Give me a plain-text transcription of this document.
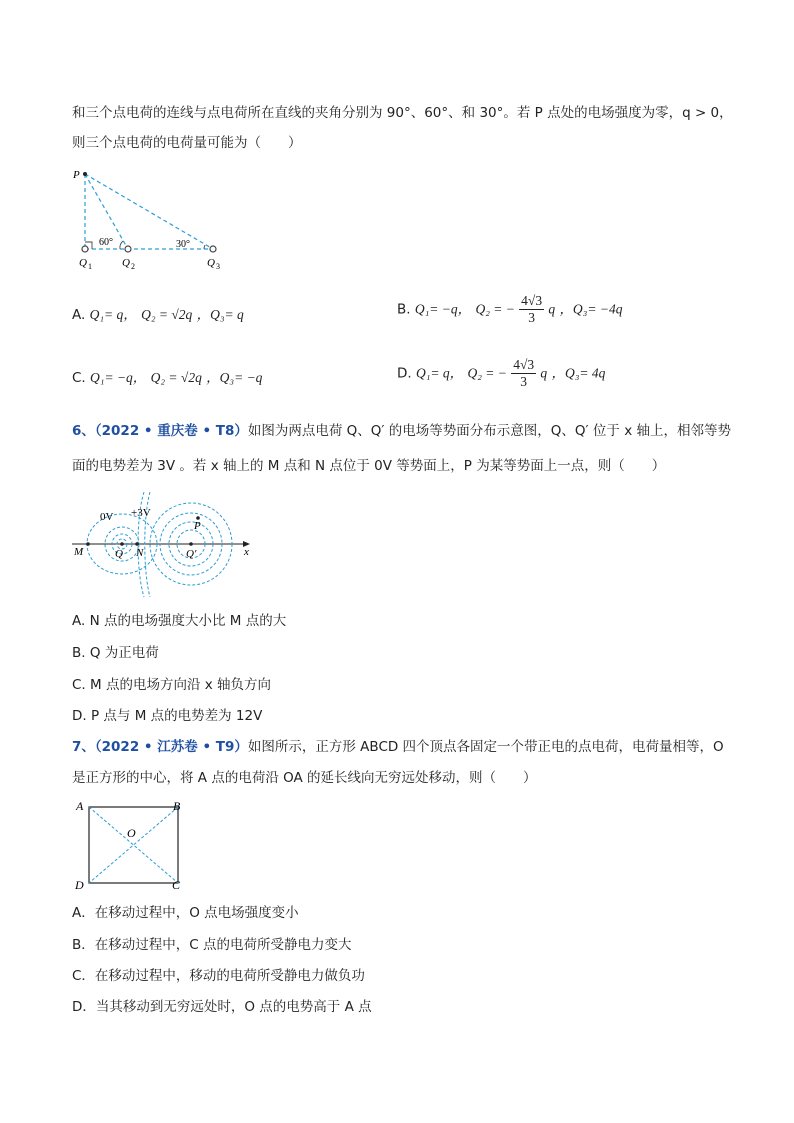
和三个点电荷的连线与点电荷所在直线的夹角分别为 90°、60°、和 30°。若 P 点处的电场强度为零，q > 0，
则三个点电荷的电荷量可能为（　　）
P
60°	30°
Q 1	Q 2	Q 3
A. Q₁= q， Q₂ = √2q ，Q₃= q	B. Q₁= −q， Q₂ = − $\frac{4√3}{3}$ q ，Q₃= −4q
C. Q₁= −q， Q₂ = √2q ，Q₃= −q	D. Q₁= q， Q₂ = − $\frac{4√3}{3}$ q ，Q₃= 4q
6、（2022 • 重庆卷 • T8）如图为两点电荷 Q、Q′ 的电场等势面分布示意图，Q、Q′ 位于 x 轴上，相邻等势
面的电势差为 3V 。若 x 轴上的 M 点和 N 点位于 0V 等势面上，P 为某等势面上一点，则（　　）
0V +3V
P
M	Q N	Q′	x
A. N 点的电场强度大小比 M 点的大
B. Q 为正电荷
C. M 点的电场方向沿 x 轴负方向
D. P 点与 M 点的电势差为 12V
7、（2022 • 江苏卷 • T9）如图所示，正方形 ABCD 四个顶点各固定一个带正电的点电荷，电荷量相等，O
是正方形的中心，将 A 点的电荷沿 OA 的延长线向无穷远处移动，则（　　）
A	B
C
D
O
A．在移动过程中，O 点电场强度变小
B．在移动过程中，C 点的电荷所受静电力变大
C．在移动过程中，移动的电荷所受静电力做负功
D．当其移动到无穷远处时，O 点的电势高于 A 点
